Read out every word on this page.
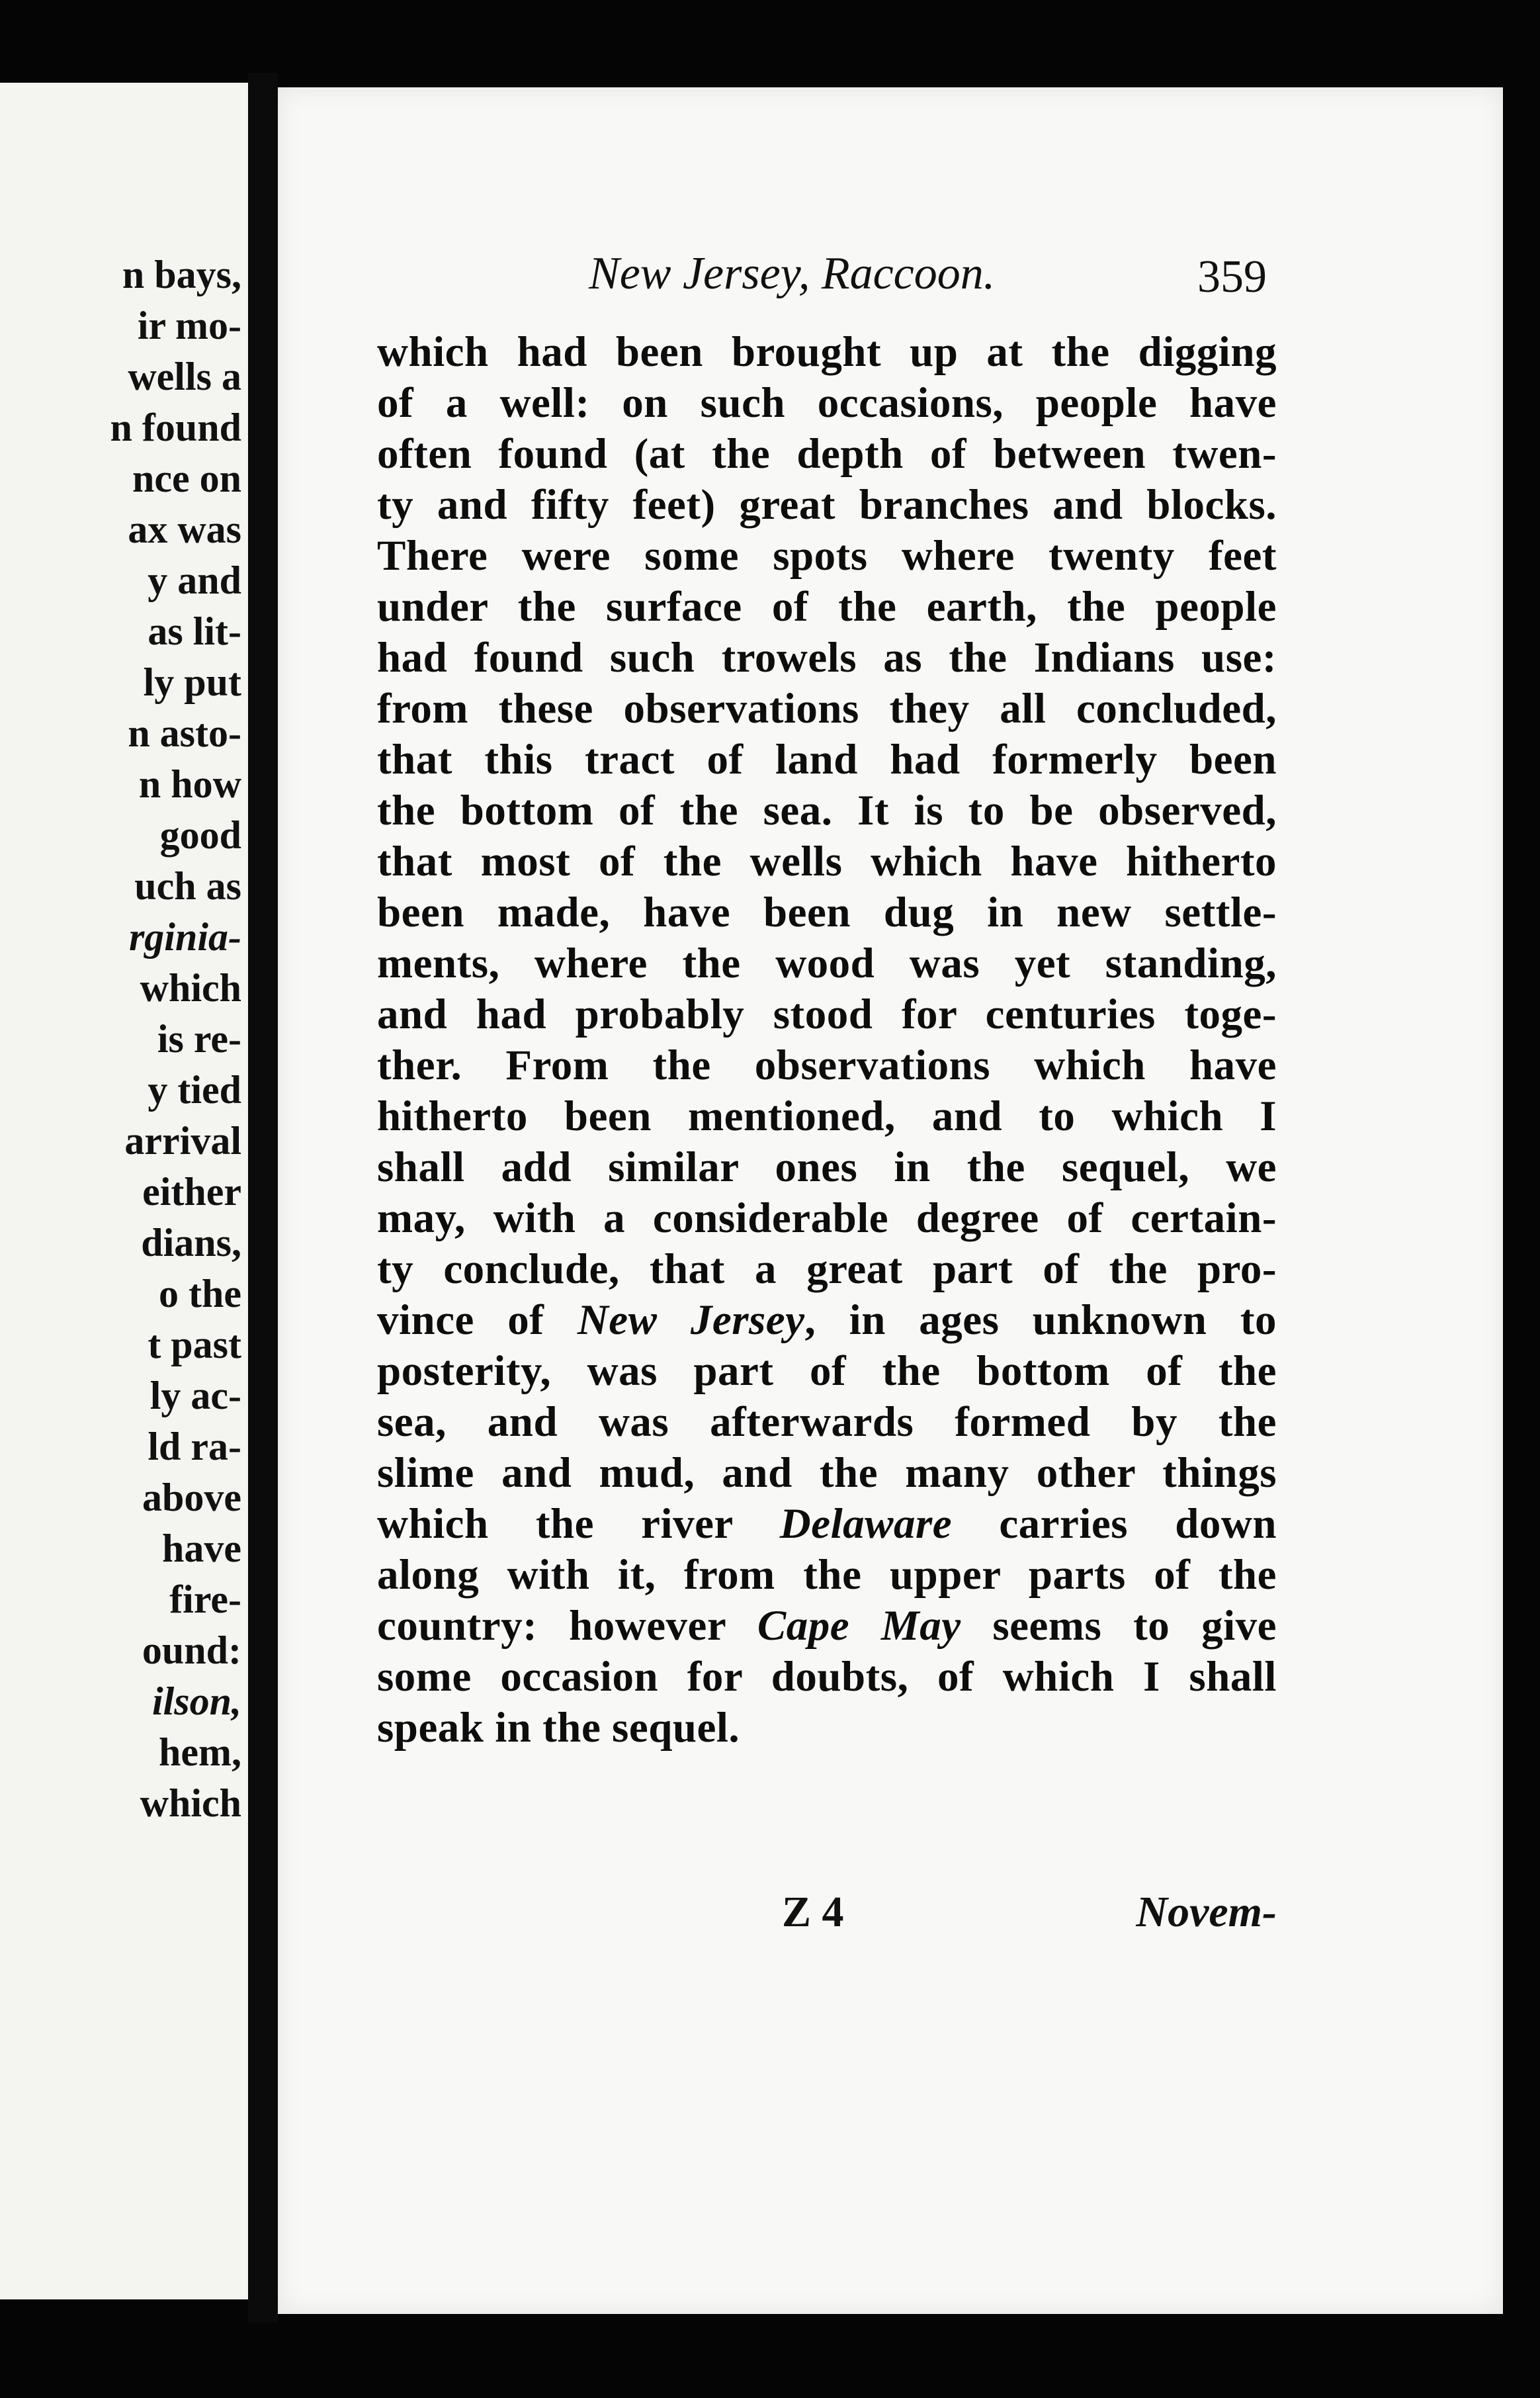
n bays,
ir mo-
wells a
n found
nce on
ax was
y and
as lit-
ly put
n asto-
n how
good
uch as
rginia-
which
is re-
y tied
arrival
either
dians,
o the
t past
ly ac-
ld ra-
above
have
fire-
ound:
ilson,
hem,
which
New Jersey, Raccoon.	359
which had been brought up at the digging
of a well: on such occasions, people have
often found (at the depth of between twen-
ty and fifty feet) great branches and blocks.
There were some spots where twenty feet
under the surface of the earth, the people
had found such trowels as the Indians use:
from these observations they all concluded,
that this tract of land had formerly been
the bottom of the sea. It is to be observed,
that most of the wells which have hitherto
been made, have been dug in new settle-
ments, where the wood was yet standing,
and had probably stood for centuries toge-
ther. From the observations which have
hitherto been mentioned, and to which I
shall add similar ones in the sequel, we
may, with a considerable degree of certain-
ty conclude, that a great part of the pro-
vince of New Jersey, in ages unknown to
posterity, was part of the bottom of the
sea, and was afterwards formed by the
slime and mud, and the many other things
which the river Delaware carries down
along with it, from the upper parts of the
country: however Cape May seems to give
some occasion for doubts, of which I shall
speak in the sequel.
Z 4	Novem-
